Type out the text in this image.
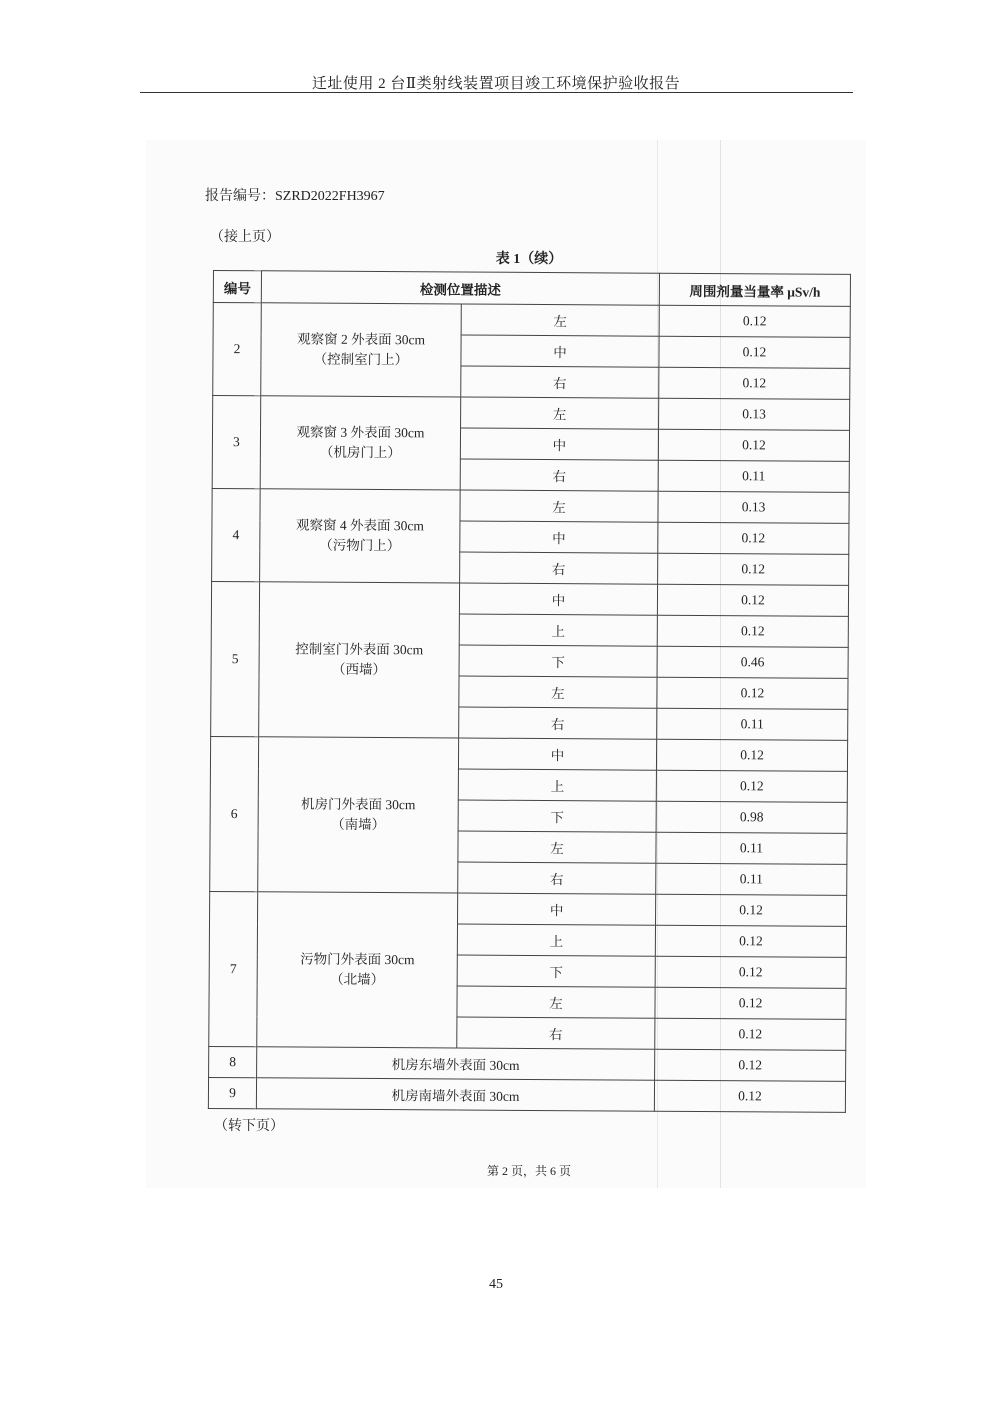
迁址使用 2 台Ⅱ类射线装置项目竣工环境保护验收报告
报告编号：SZRD2022FH3967
（接上页）
表 1（续）
编号	检测位置描述		周围剂量当量率 μSv/h
2	观察窗 2 外表面 30cm
（控制室门上）	左	0.12
		中	0.12
		右	0.12
3	观察窗 3 外表面 30cm
（机房门上）	左	0.13
		中	0.12
		右	0.11
4	观察窗 4 外表面 30cm
（污物门上）	左	0.13
		中	0.12
		右	0.12
5	控制室门外表面 30cm
（西墙）	中	0.12
		上	0.12
		下	0.46
		左	0.12
		右	0.11
6	机房门外表面 30cm
（南墙）	中	0.12
		上	0.12
		下	0.98
		左	0.11
		右	0.11
7	污物门外表面 30cm
（北墙）	中	0.12
		上	0.12
		下	0.12
		左	0.12
		右	0.12
8	机房东墙外表面 30cm		0.12
9	机房南墙外表面 30cm		0.12
（转下页）
第 2 页，共 6 页
45
